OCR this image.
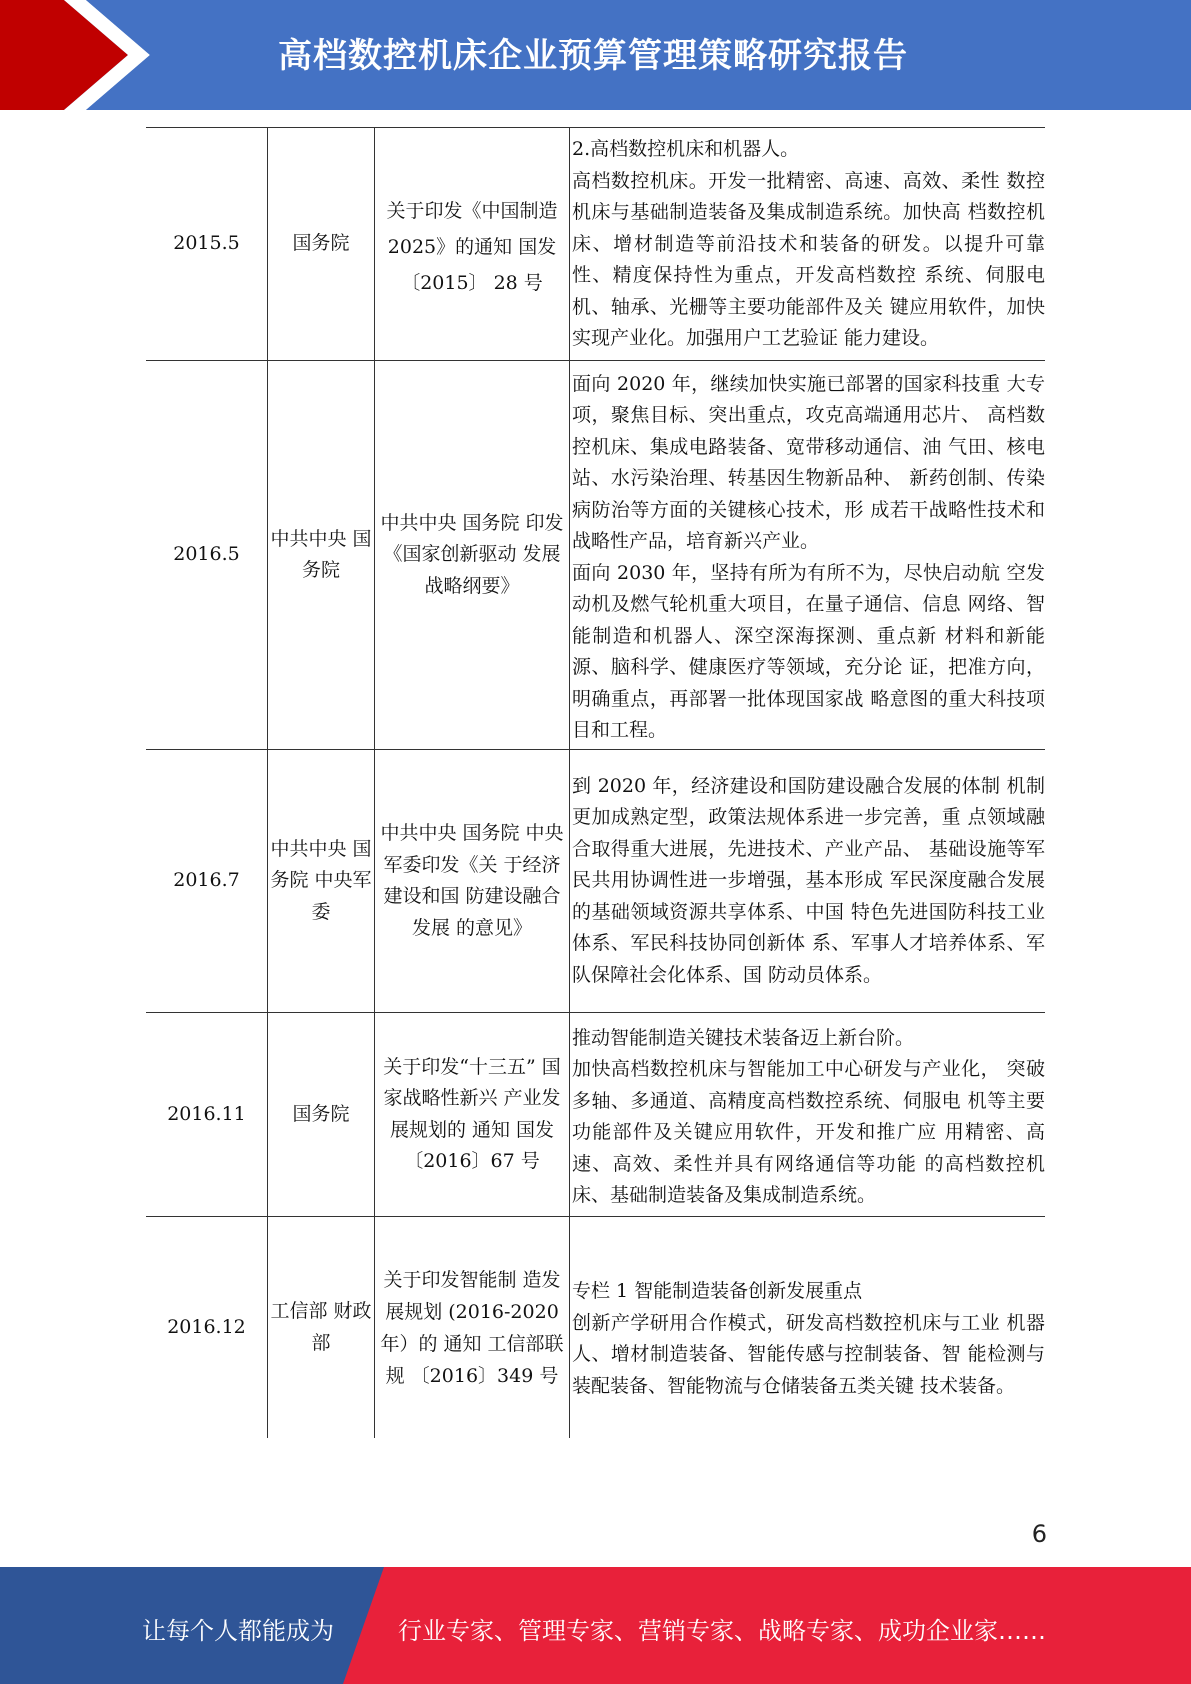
高档数控机床企业预算管理策略研究报告
2015.5	国务院	关于印发《中国制造 2025》的通知 国发〔2015〕 28 号	2.高档数控机床和机器人。
高档数控机床。开发一批精密、高速、高效、柔性 数控机床与基础制造装备及集成制造系统。加快高 档数控机床、增材制造等前沿技术和装备的研发。以提升可靠性、精度保持性为重点，开发高档数控 系统、伺服电机、轴承、光栅等主要功能部件及关 键应用软件，加快实现产业化。加强用户工艺验证 能力建设。

2016.5	中共中央 国务院	中共中央 国务院 印发 《国家创新驱动 发展战略纲要》	面向 2020 年，继续加快实施已部署的国家科技重 大专项，聚焦目标、突出重点，攻克高端通用芯片、 高档数控机床、集成电路装备、宽带移动通信、油 气田、核电站、水污染治理、转基因生物新品种、 新药创制、传染病防治等方面的关键核心技术，形 成若干战略性技术和战略性产品，培育新兴产业。
面向 2030 年，坚持有所为有所不为，尽快启动航 空发动机及燃气轮机重大项目，在量子通信、信息 网络、智能制造和机器人、深空深海探测、重点新 材料和新能源、脑科学、健康医疗等领域，充分论 证，把准方向，明确重点，再部署一批体现国家战 略意图的重大科技项目和工程。

2016.7	中共中央 国务院 中央军委	中共中央 国务院 中央军委印发《关 于经济建设和国 防建设融合发展 的意见》	到 2020 年，经济建设和国防建设融合发展的体制 机制更加成熟定型，政策法规体系进一步完善，重 点领域融合取得重大进展，先进技术、产业产品、 基础设施等军民共用协调性进一步增强，基本形成 军民深度融合发展的基础领域资源共享体系、中国 特色先进国防科技工业体系、军民科技协同创新体 系、军事人才培养体系、军队保障社会化体系、国 防动员体系。

2016.11	国务院	关于印发“十三五” 国家战略性新兴 产业发展规划的 通知 国发〔2016〕67 号	推动智能制造关键技术装备迈上新台阶。
加快高档数控机床与智能加工中心研发与产业化， 突破多轴、多通道、高精度高档数控系统、伺服电 机等主要功能部件及关键应用软件，开发和推广应 用精密、高速、高效、柔性并具有网络通信等功能 的高档数控机床、基础制造装备及集成制造系统。

2016.12	工信部 财政部	关于印发智能制 造发展规划 (2016-2020 年）的 通知 工信部联规 〔2016〕349 号	专栏 1 智能制造装备创新发展重点
创新产学研用合作模式，研发高档数控机床与工业 机器人、增材制造装备、智能传感与控制装备、智 能检测与装配装备、智能物流与仓储装备五类关键 技术装备。
6
让每个人都能成为	行业专家、管理专家、营销专家、战略专家、成功企业家……
